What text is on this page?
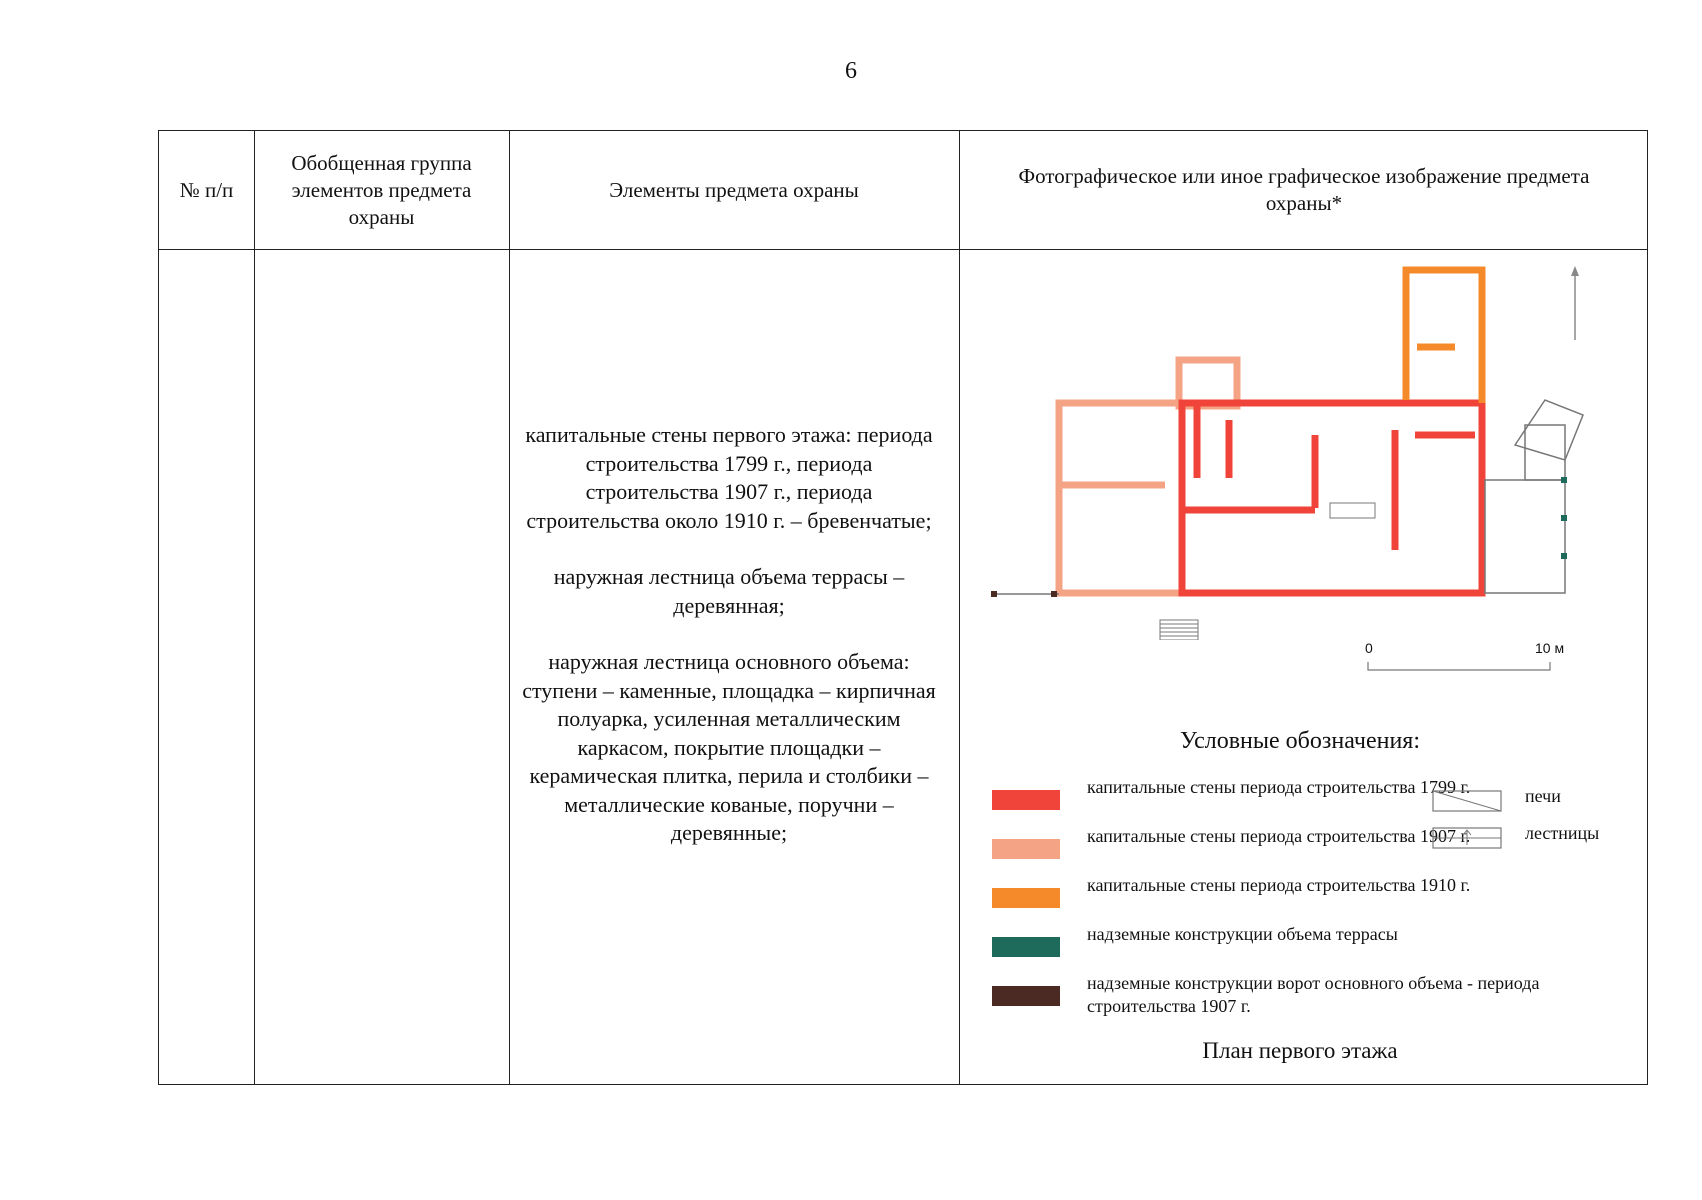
6
№ п/п
Обобщенная группа элементов предмета охраны
Элементы предмета охраны
Фотографическое или иное графическое изображение предмета охраны*

капитальные стены первого этажа: периода строительства 1799 г., периода строительства 1907 г., периода строительства около 1910 г. – бревенчатые;

наружная лестница объема террасы – деревянная;

наружная лестница основного объема: ступени – каменные, площадка – кирпичная полуарка, усиленная металлическим каркасом, покрытие площадки – керамическая плитка, перила и столбики – металлические кованые, поручни – деревянные;

0	10 м
Условные обозначения:
капитальные стены периода строительства 1799 г.
капитальные стены периода строительства 1907 г.
капитальные стены периода строительства 1910 г.
надземные конструкции объема террасы
надземные конструкции ворот основного объема - периода строительства 1907 г.
печи
лестницы
План первого этажа
